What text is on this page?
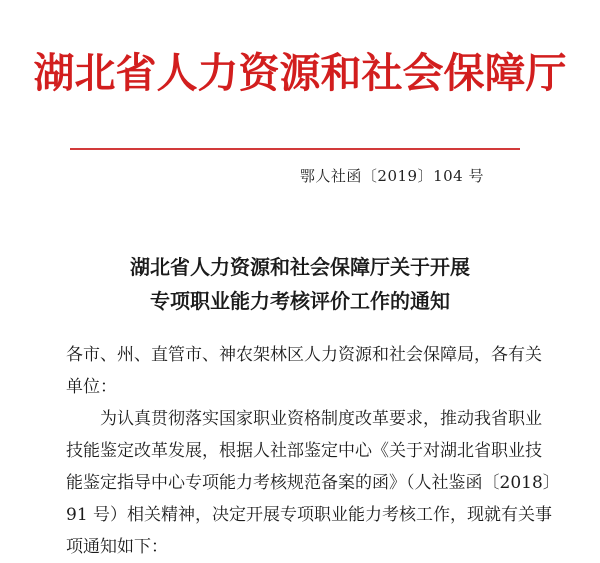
湖北省人力资源和社会保障厅
鄂人社函〔2019〕104 号
湖北省人力资源和社会保障厅关于开展
专项职业能力考核评价工作的通知

各市、州、直管市、神农架林区人力资源和社会保障局，各有关
单位：

为认真贯彻落实国家职业资格制度改革要求，推动我省职业
技能鉴定改革发展，根据人社部鉴定中心《关于对湖北省职业技
能鉴定指导中心专项能力考核规范备案的函》（人社鉴函〔2018〕
91 号）相关精神，决定开展专项职业能力考核工作，现就有关事
项通知如下：
